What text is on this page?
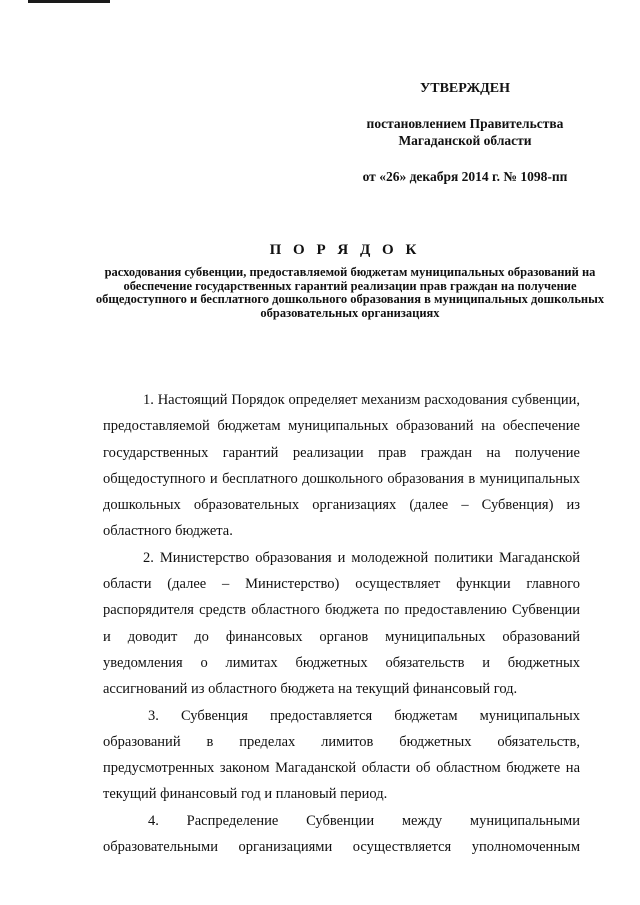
УТВЕРЖДЕН
постановлением Правительства
Магаданской области
от «26» декабря 2014 г. № 1098-пп
П О Р Я Д О К
расходования субвенции, предоставляемой бюджетам муниципальных образований на обеспечение государственных гарантий реализации прав граждан на получение общедоступного и бесплатного дошкольного образования в муниципальных дошкольных образовательных организациях

1. Настоящий Порядок определяет механизм расходования субвенции, предоставляемой бюджетам муниципальных образований на обеспечение государственных гарантий реализации прав граждан на получение общедоступного и бесплатного дошкольного образования в муниципальных дошкольных образовательных организациях (далее – Субвенция) из областного бюджета.

2. Министерство образования и молодежной политики Магаданской области (далее – Министерство) осуществляет функции главного распорядителя средств областного бюджета по предоставлению Субвенции и доводит до финансовых органов муниципальных образований уведомления о лимитах бюджетных обязательств и бюджетных ассигнований из областного бюджета на текущий финансовый год.

3. Субвенция предоставляется бюджетам муниципальных образований в пределах лимитов бюджетных обязательств, предусмотренных законом Магаданской области об областном бюджете на текущий финансовый год и плановый период.

4. Распределение Субвенции между муниципальными образовательными организациями осуществляется уполномоченным
